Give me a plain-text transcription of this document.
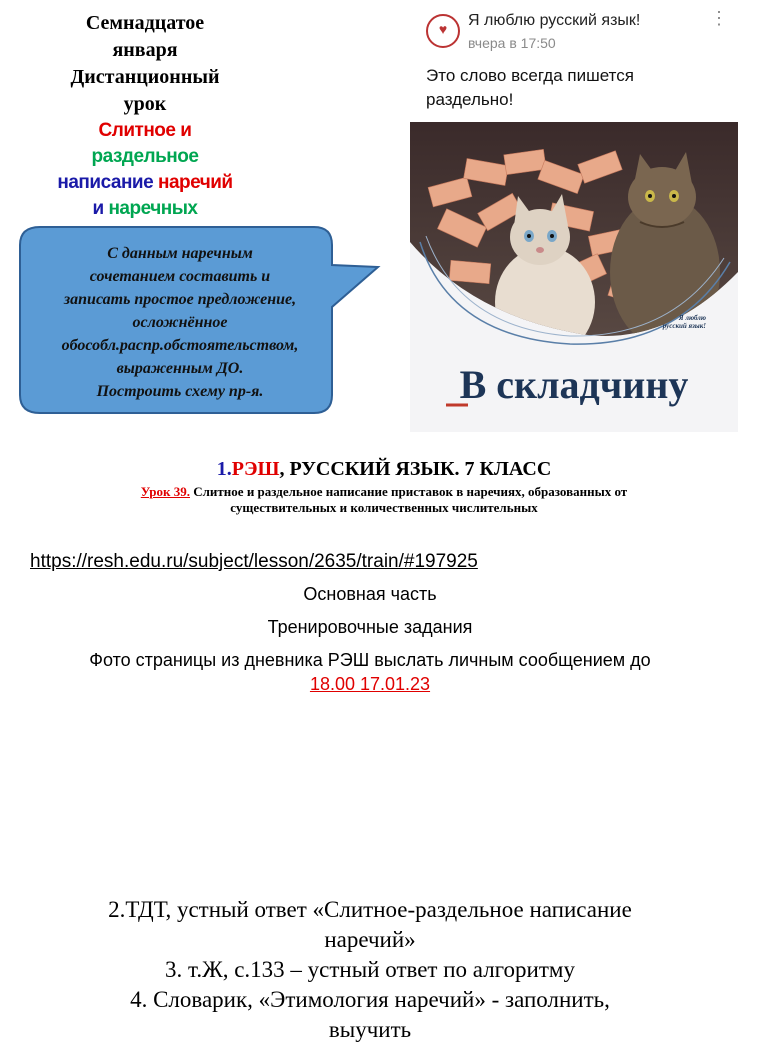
Семнадцатое
января
Дистанционный
урок
Слитное и
раздельное
написание наречий
и наречных
С данным наречным
сочетанием составить и
записать простое предложение,
осложнённое
обособл.распр.обстоятельством,
выраженным ДО.
Построить схему пр-я.
♥
Я люблю русский язык!
вчера в 17:50
⋮
Это слово всегда пишется
раздельно!
Я люблю
русский язык!
В складчину
1.РЭШ, РУССКИЙ ЯЗЫК. 7 КЛАСС
Урок 39. Слитное и раздельное написание приставок в наречиях, образованных от
существительных и количественных числительных
https://resh.edu.ru/subject/lesson/2635/train/#197925
Основная часть
Тренировочные задания
Фото страницы из дневника РЭШ выслать личным сообщением до
18.00 17.01.23
2.ТДТ, устный ответ «Слитное-раздельное написание
наречий»
3. т.Ж, с.133 – устный ответ по алгоритму
4. Словарик, «Этимология наречий» - заполнить,
выучить
